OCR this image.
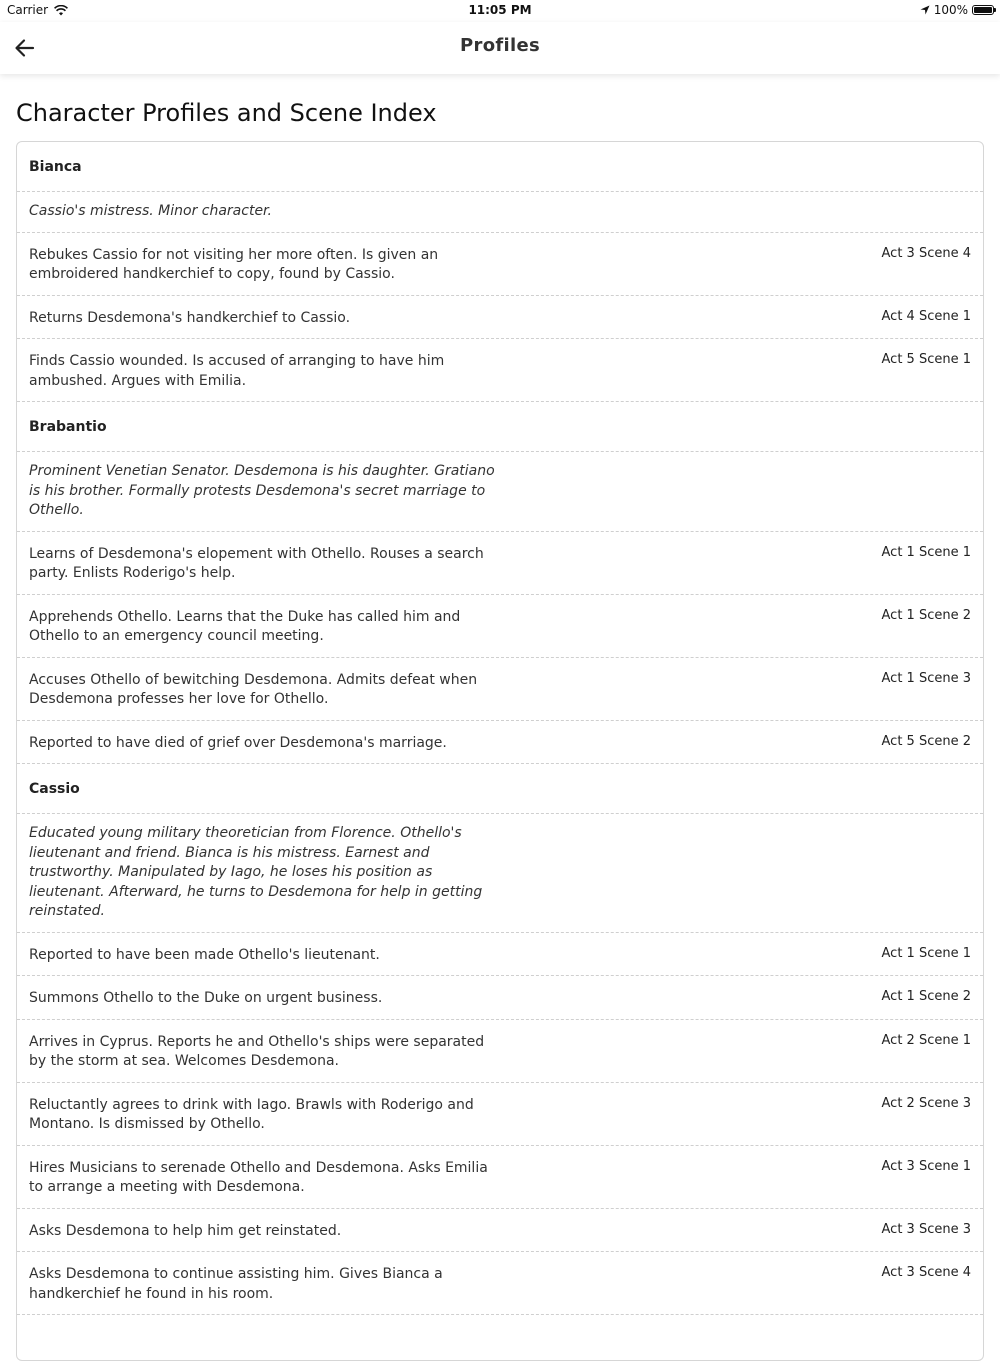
Carrier	11:05 PM	100%
Profiles
Character Profiles and Scene Index
Bianca
Cassio's mistress. Minor character.
Rebukes Cassio for not visiting her more often. Is given an embroidered handkerchief to copy, found by Cassio.
Act 3 Scene 4
Returns Desdemona's handkerchief to Cassio.	Act 4 Scene 1
Finds Cassio wounded. Is accused of arranging to have him ambushed. Argues with Emilia.
Act 5 Scene 1
Brabantio
Prominent Venetian Senator. Desdemona is his daughter. Gratiano is his brother. Formally protests Desdemona's secret marriage to Othello.
Learns of Desdemona's elopement with Othello. Rouses a search party. Enlists Roderigo's help.
Act 1 Scene 1
Apprehends Othello. Learns that the Duke has called him and Othello to an emergency council meeting.
Act 1 Scene 2
Accuses Othello of bewitching Desdemona. Admits defeat when Desdemona professes her love for Othello.
Act 1 Scene 3
Reported to have died of grief over Desdemona's marriage.	Act 5 Scene 2
Cassio
Educated young military theoretician from Florence. Othello's lieutenant and friend. Bianca is his mistress. Earnest and trustworthy. Manipulated by Iago, he loses his position as lieutenant. Afterward, he turns to Desdemona for help in getting reinstated.
Reported to have been made Othello's lieutenant.	Act 1 Scene 1
Summons Othello to the Duke on urgent business.	Act 1 Scene 2
Arrives in Cyprus. Reports he and Othello's ships were separated by the storm at sea. Welcomes Desdemona.
Act 2 Scene 1
Reluctantly agrees to drink with Iago. Brawls with Roderigo and Montano. Is dismissed by Othello.
Act 2 Scene 3
Hires Musicians to serenade Othello and Desdemona. Asks Emilia to arrange a meeting with Desdemona.
Act 3 Scene 1
Asks Desdemona to help him get reinstated.	Act 3 Scene 3
Asks Desdemona to continue assisting him. Gives Bianca a handkerchief he found in his room.
Act 3 Scene 4
